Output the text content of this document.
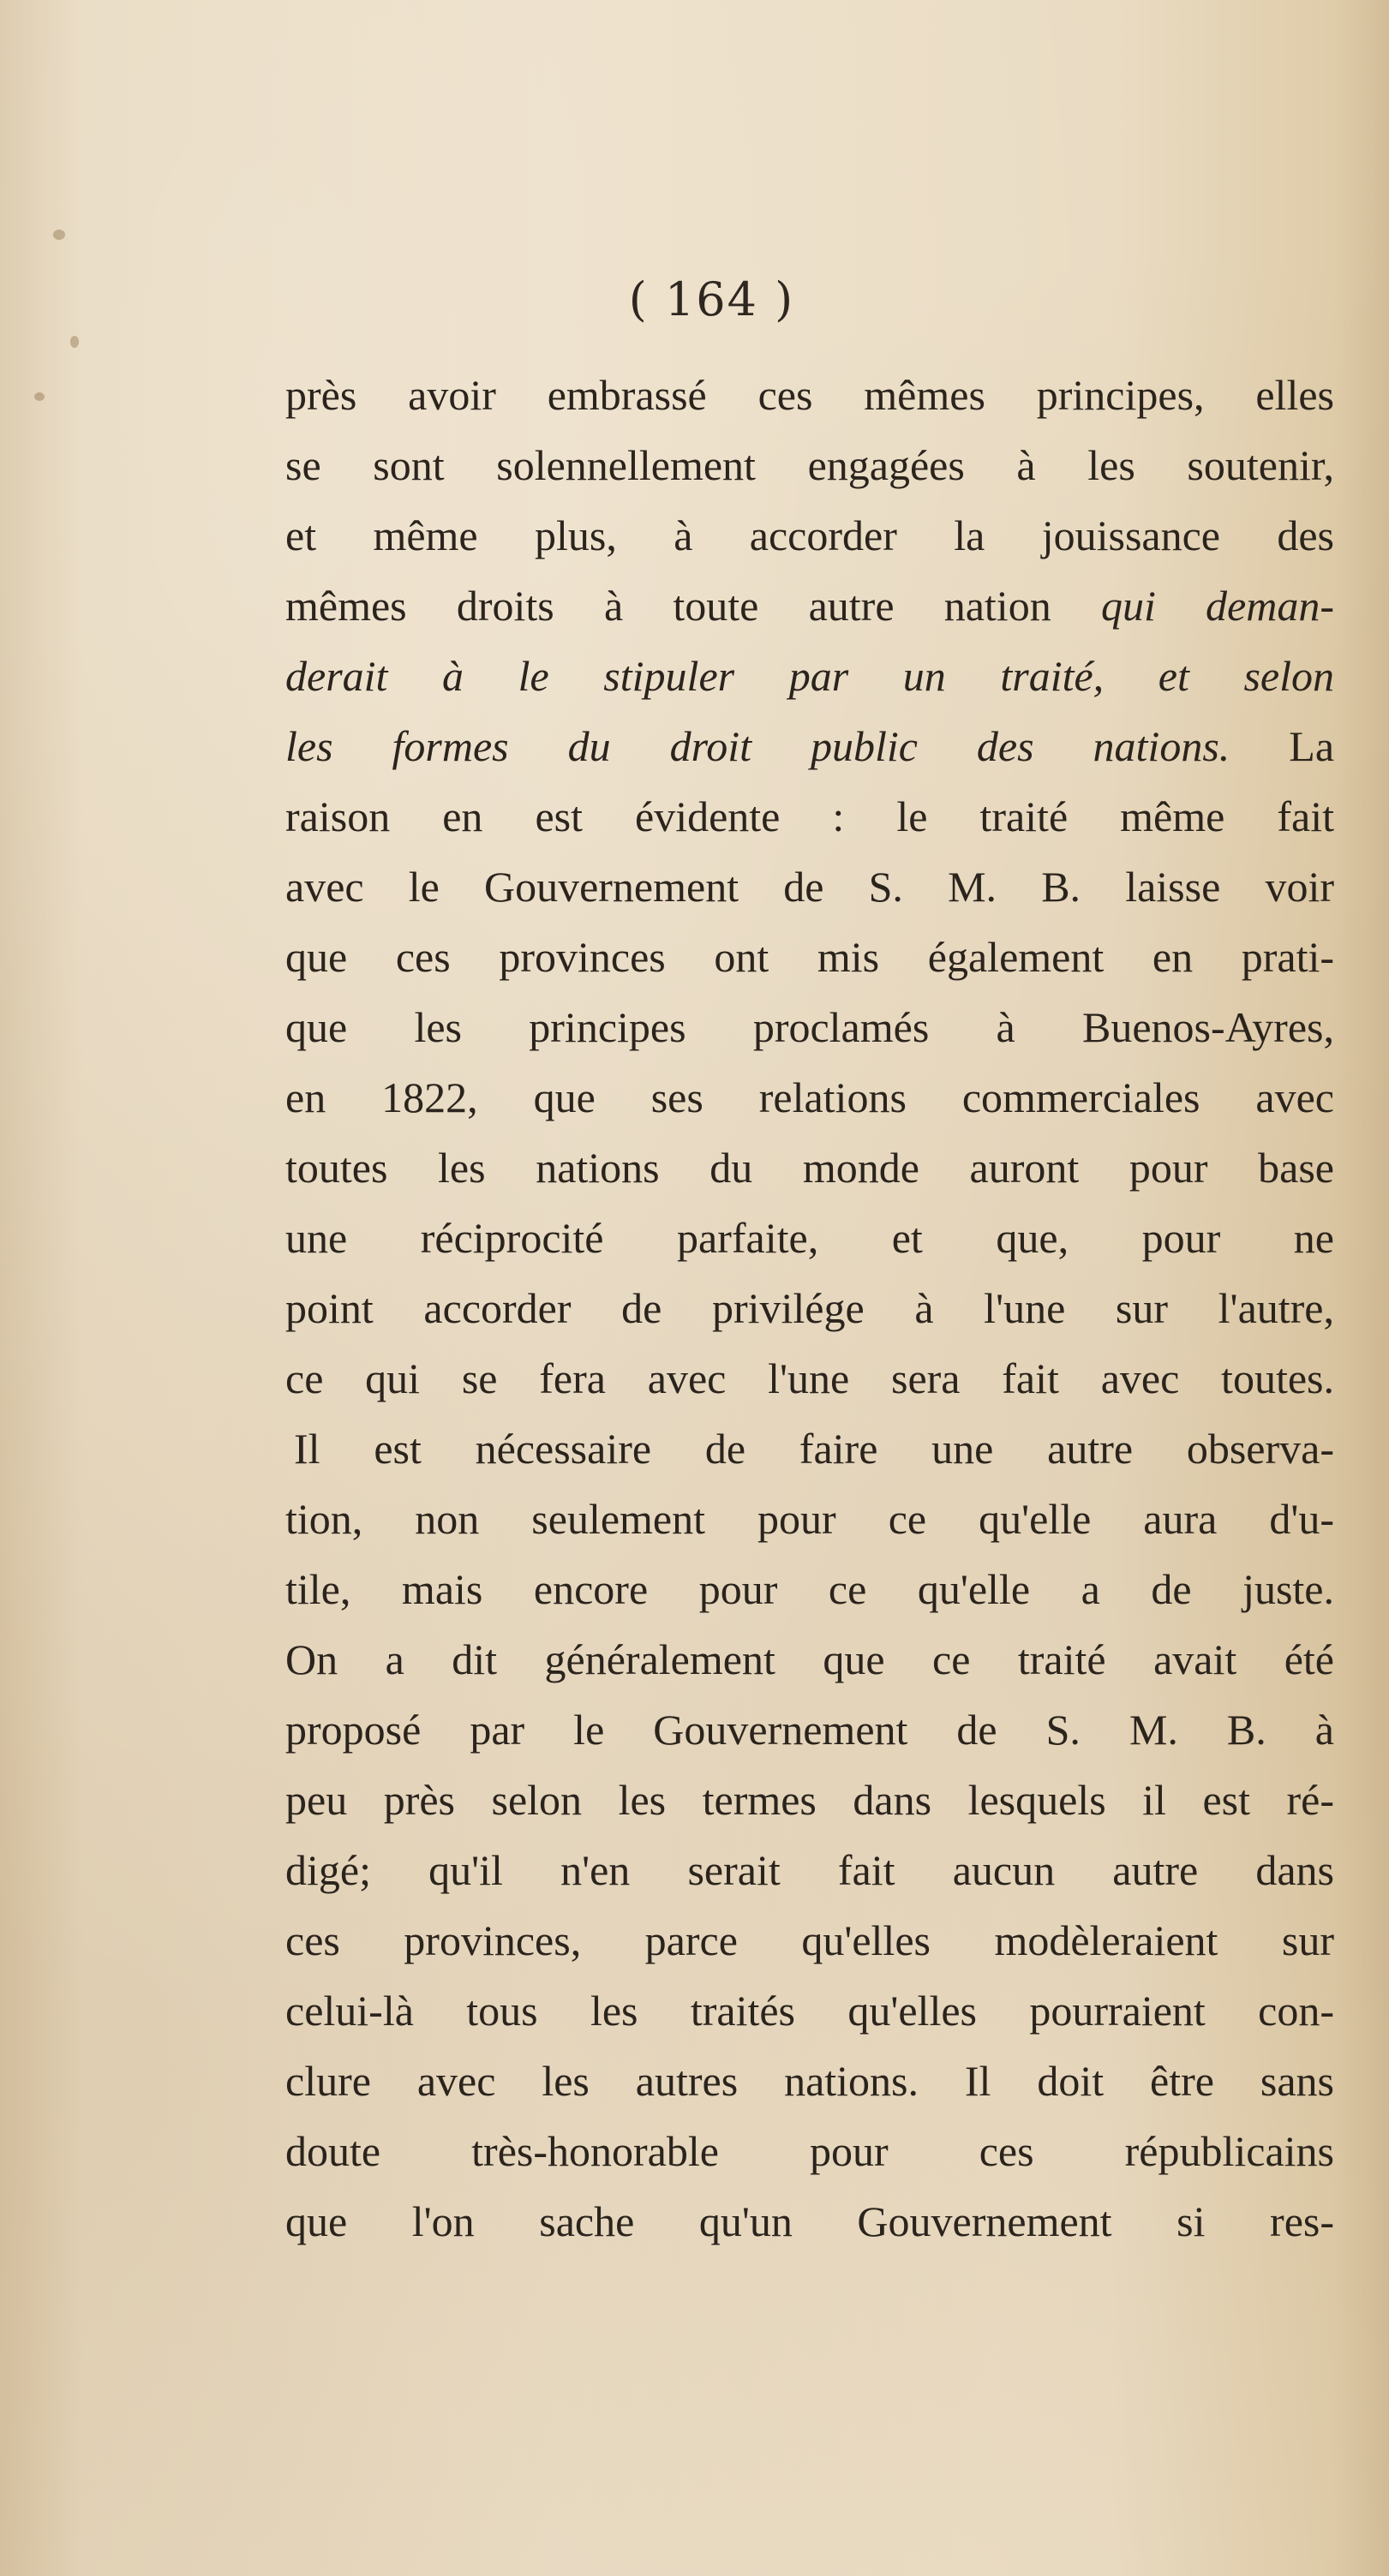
( 164 )
près avoir embrassé ces mêmes principes, elles
se sont solennellement engagées à les soutenir,
et même plus, à accorder la jouissance des
mêmes droits à toute autre nation qui deman-
derait à le stipuler par un traité, et selon
les formes du droit public des nations. La
raison en est évidente : le traité même fait
avec le Gouvernement de S. M. B. laisse voir
que ces provinces ont mis également en prati-
que les principes proclamés à Buenos-Ayres,
en 1822, que ses relations commerciales avec
toutes les nations du monde auront pour base
une réciprocité parfaite, et que, pour ne
point accorder de privilége à l'une sur l'autre,
ce qui se fera avec l'une sera fait avec toutes.
Il est nécessaire de faire une autre observa-
tion, non seulement pour ce qu'elle aura d'u-
tile, mais encore pour ce qu'elle a de juste.
On a dit généralement que ce traité avait été
proposé par le Gouvernement de S. M. B. à
peu près selon les termes dans lesquels il est ré-
digé; qu'il n'en serait fait aucun autre dans
ces provinces, parce qu'elles modèleraient sur
celui-là tous les traités qu'elles pourraient con-
clure avec les autres nations. Il doit être sans
doute très-honorable pour ces républicains
que l'on sache qu'un Gouvernement si res-
